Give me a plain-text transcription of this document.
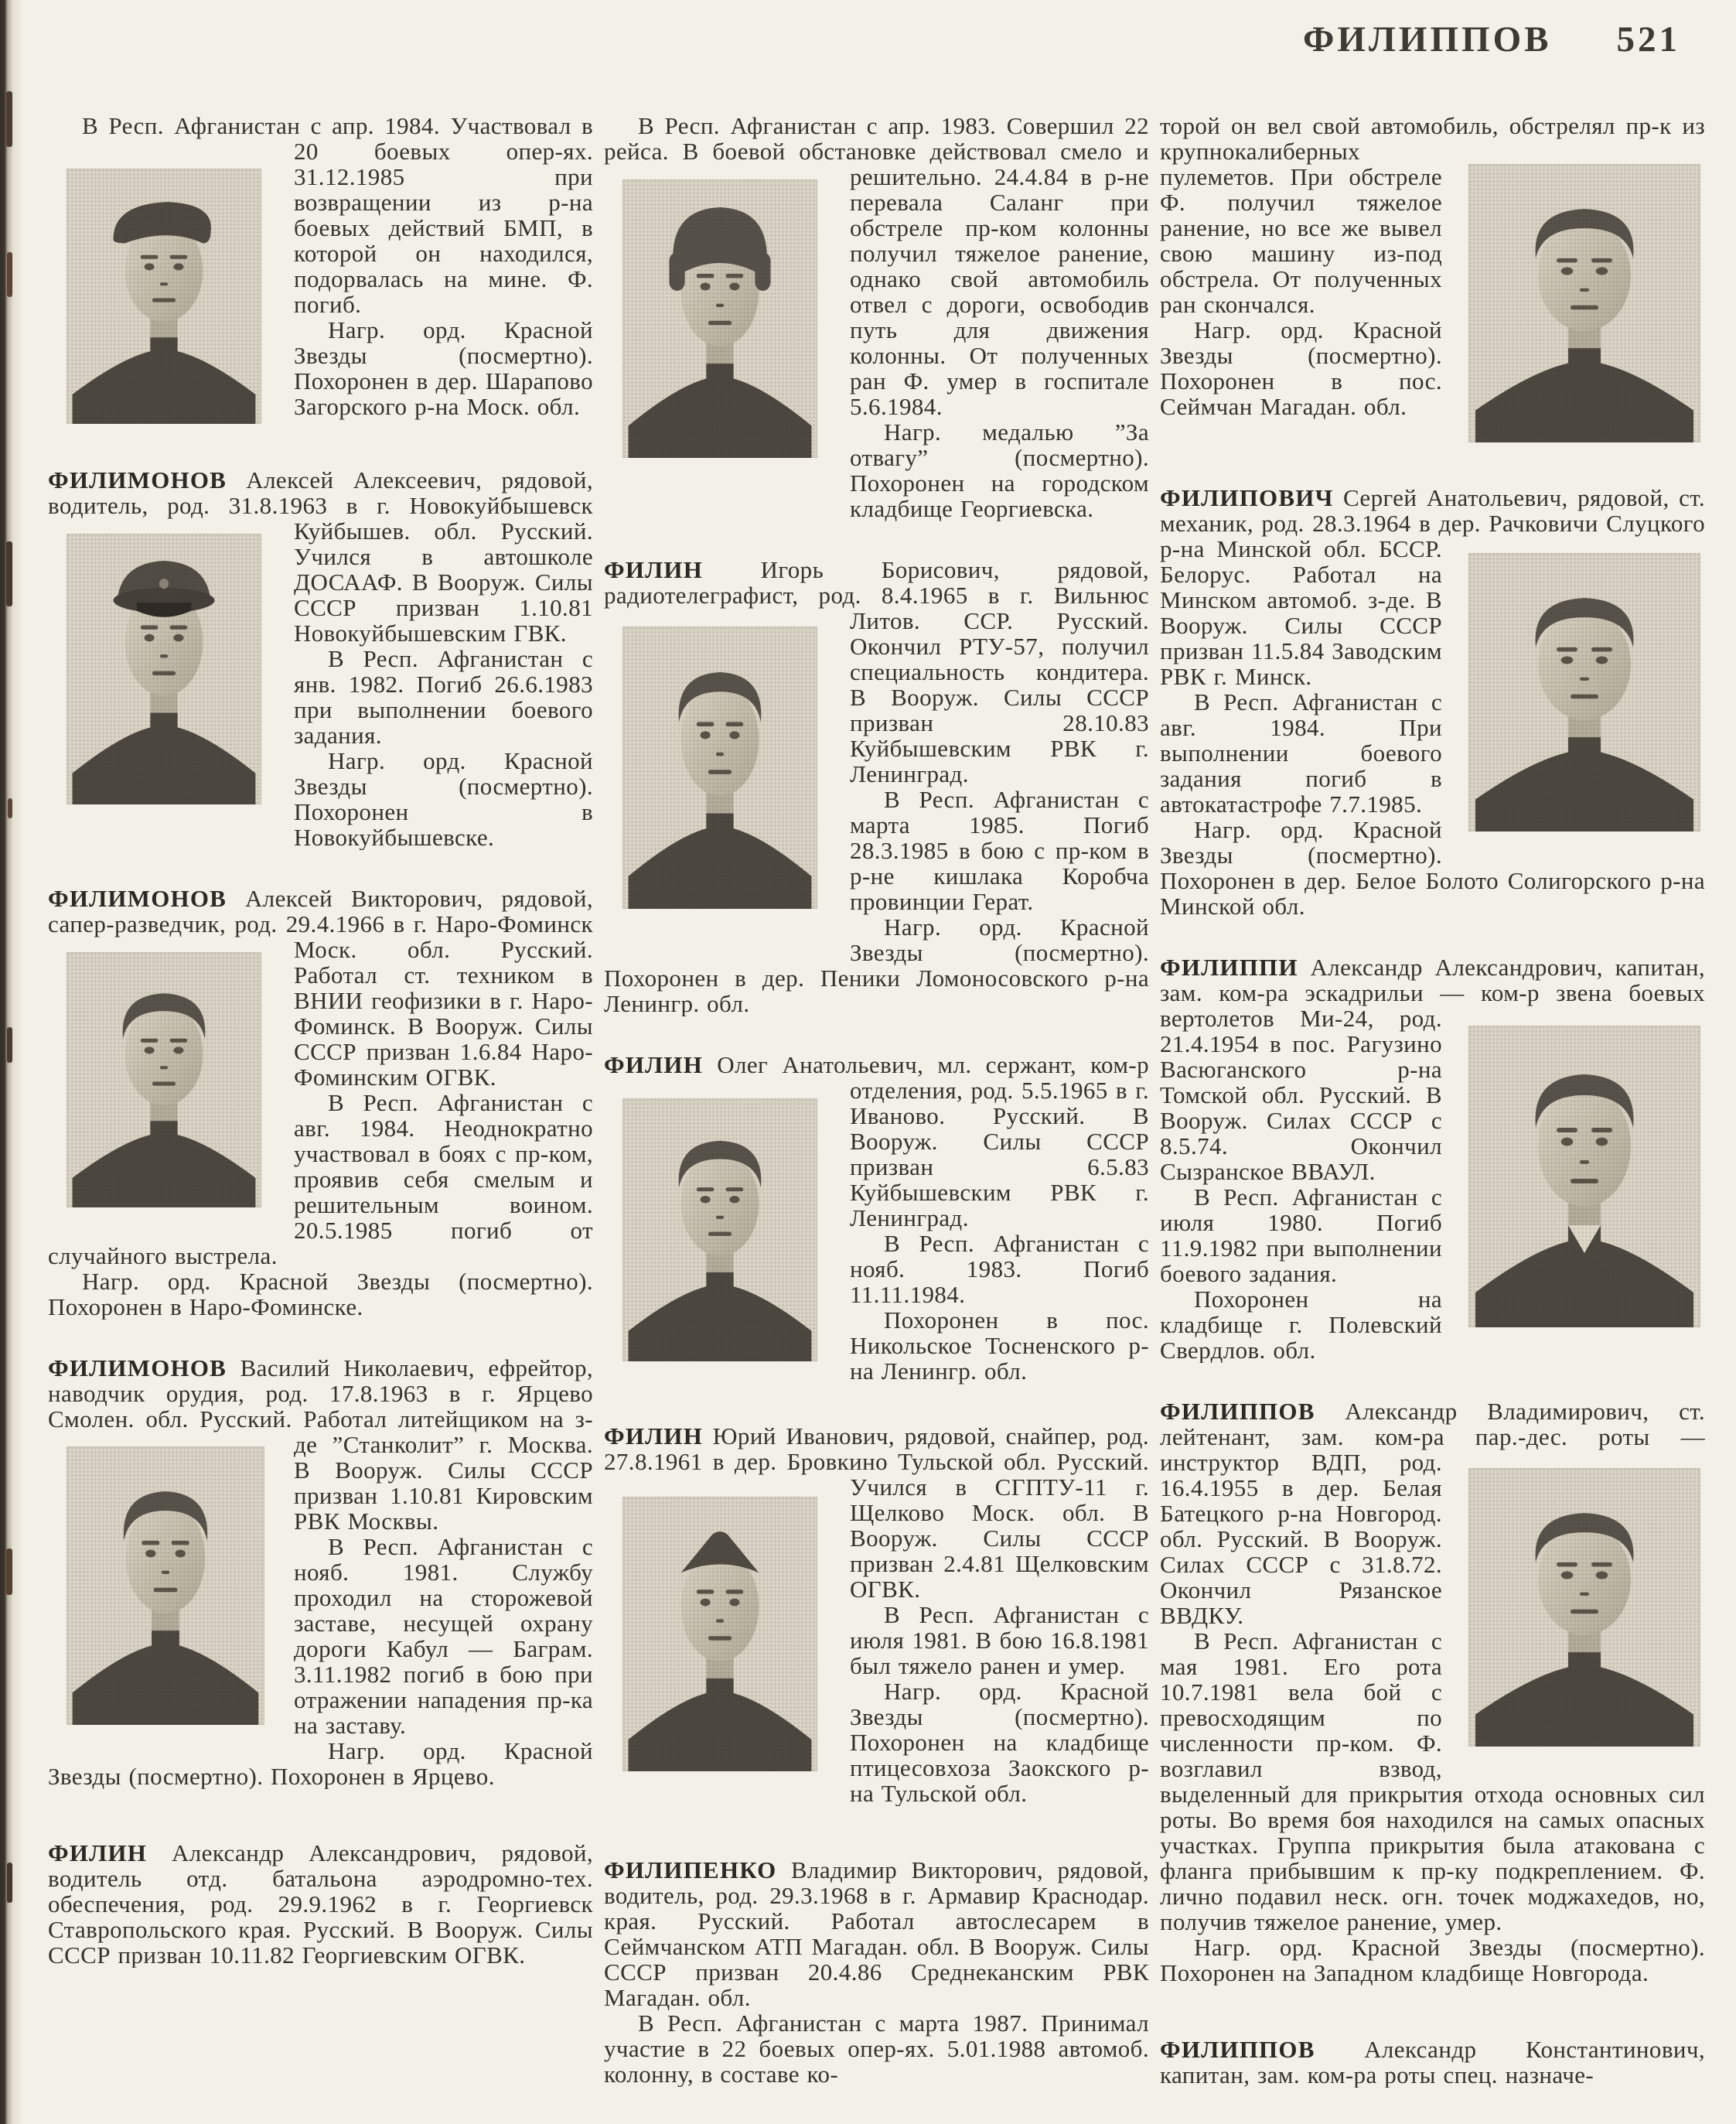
ФИЛИППОВ 521

В Респ. Афганистан с апр. 1984. Участвовал в 20 боевых опер-ях. 31.12.1985 при возвращении из р-на боевых действий БМП, в которой он находился, подорвалась на мине. Ф. погиб.

Нагр. орд. Красной Звезды (посмертно). Похоронен в дер. Шарапово Загорского р-на Моск. обл.

ФИЛИМОНОВ Алексей Алексеевич, рядовой, водитель, род. 31.8.1963 в г. Новокуйбышевск Куйбышев. обл. Русский. Учился в автошколе ДОСААФ. В Вооруж. Силы СССР призван 1.10.81 Новокуйбышевским ГВК.

В Респ. Афганистан с янв. 1982. Погиб 26.6.1983 при выполнении боевого задания.

Нагр. орд. Красной Звезды (посмертно). Похоронен в Новокуйбышевске.

ФИЛИМОНОВ Алексей Викторович, рядовой, сапер-разведчик, род. 29.4.1966 в г. Наро-Фоминск Моск. обл. Русский. Работал ст. техником в ВНИИ геофизики в г. Наро-Фоминск. В Вооруж. Силы СССР призван 1.6.84 Наро-Фоминским ОГВК.

В Респ. Афганистан с авг. 1984. Неоднократно участвовал в боях с пр-ком, проявив себя смелым и решительным воином. 20.5.1985 погиб от случайного выстрела.

Нагр. орд. Красной Звезды (посмертно). Похоронен в Наро-Фоминске.

ФИЛИМОНОВ Василий Николаевич, ефрейтор, наводчик орудия, род. 17.8.1963 в г. Ярцево Смолен. обл. Русский. Работал литейщиком на з-де ”Станколит” г. Москва. В Вооруж. Силы СССР призван 1.10.81 Кировским РВК Москвы.

В Респ. Афганистан с нояб. 1981. Службу проходил на сторожевой заставе, несущей охрану дороги Кабул — Баграм. 3.11.1982 погиб в бою при отражении нападения пр-ка на заставу.

Нагр. орд. Красной Звезды (посмертно). Похоронен в Ярцево.

ФИЛИН Александр Александрович, рядовой, водитель отд. батальона аэродромно-тех. обеспечения, род. 29.9.1962 в г. Георгиевск Ставропольского края. Русский. В Вооруж. Силы СССР призван 10.11.82 Георгиевским ОГВК.

В Респ. Афганистан с апр. 1983. Совершил 22 рейса. В боевой обстановке действовал смело и решительно. 24.4.84 в р-не перевала Саланг при обстреле пр-ком колонны получил тяжелое ранение, однако свой автомобиль отвел с дороги, освободив путь для движения колонны. От полученных ран Ф. умер в госпитале 5.6.1984.

Нагр. медалью ”За отвагу” (посмертно). Похоронен на городском кладбище Георгиевска.

ФИЛИН Игорь Борисович, рядовой, радиотелеграфист, род. 8.4.1965 в г. Вильнюс Литов. ССР. Русский. Окончил РТУ-57, получил специальность кондитера. В Вооруж. Силы СССР призван 28.10.83 Куйбышевским РВК г. Ленинград.

В Респ. Афганистан с марта 1985. Погиб 28.3.1985 в бою с пр-ком в р-не кишлака Коробча провинции Герат.

Нагр. орд. Красной Звезды (посмертно). Похоронен в дер. Пеники Ломоносовского р-на Ленингр. обл.

ФИЛИН Олег Анатольевич, мл. сержант, ком-р отделения, род. 5.5.1965 в г. Иваново. Русский. В Вооруж. Силы СССР призван 6.5.83 Куйбышевским РВК г. Ленинград.

В Респ. Афганистан с нояб. 1983. Погиб 11.11.1984.

Похоронен в пос. Никольское Тосненского р-на Ленингр. обл.

ФИЛИН Юрий Иванович, рядовой, снайпер, род. 27.8.1961 в дер. Бровкино Тульской обл. Русский. Учился в СГПТУ-11 г. Щелково Моск. обл. В Вооруж. Силы СССР призван 2.4.81 Щелковским ОГВК.

В Респ. Афганистан с июля 1981. В бою 16.8.1981 был тяжело ранен и умер.

Нагр. орд. Красной Звезды (посмертно). Похоронен на кладбище птицесовхоза Заокского р-на Тульской обл.

ФИЛИПЕНКО Владимир Викторович, рядовой, водитель, род. 29.3.1968 в г. Армавир Краснодар. края. Русский. Работал автослесарем в Сеймчанском АТП Магадан. обл. В Вооруж. Силы СССР призван 20.4.86 Среднеканским РВК Магадан. обл.

В Респ. Афганистан с марта 1987. Принимал участие в 22 боевых опер-ях. 5.01.1988 автомоб. колонну, в составе ко-

торой он вел свой автомобиль, обстрелял пр-к из крупнокалиберных пулеметов. При обстреле Ф. получил тяжелое ранение, но все же вывел свою машину из-под обстрела. От полученных ран скончался.

Нагр. орд. Красной Звезды (посмертно). Похоронен в пос. Сеймчан Магадан. обл.

ФИЛИПОВИЧ Сергей Анатольевич, рядовой, ст. механик, род. 28.3.1964 в дер. Рачковичи Слуцкого р-на Минской обл. БССР. Белорус. Работал на Минском автомоб. з-де. В Вооруж. Силы СССР призван 11.5.84 Заводским РВК г. Минск.

В Респ. Афганистан с авг. 1984. При выполнении боевого задания погиб в автокатастрофе 7.7.1985.

Нагр. орд. Красной Звезды (посмертно). Похоронен в дер. Белое Болото Солигорского р-на Минской обл.

ФИЛИППИ Александр Александрович, капитан, зам. ком-ра эскадрильи — ком-р звена боевых вертолетов Ми-24, род. 21.4.1954 в пос. Рагузино Васюганского р-на Томской обл. Русский. В Вооруж. Силах СССР с 8.5.74. Окончил Сызранское ВВАУЛ.

В Респ. Афганистан с июля 1980. Погиб 11.9.1982 при выполнении боевого задания.

Похоронен на кладбище г. Полевский Свердлов. обл.

ФИЛИППОВ Александр Владимирович, ст. лейтенант, зам. ком-ра пар.-дес. роты — инструктор ВДП, род. 16.4.1955 в дер. Белая Батецкого р-на Новгород. обл. Русский. В Вооруж. Силах СССР с 31.8.72. Окончил Рязанское ВВДКУ.

В Респ. Афганистан с мая 1981. Его рота 10.7.1981 вела бой с превосходящим по численности пр-ком. Ф. возглавил взвод, выделенный для прикрытия отхода основных сил роты. Во время боя находился на самых опасных участках. Группа прикрытия была атакована с фланга прибывшим к пр-ку подкреплением. Ф. лично подавил неск. огн. точек моджахедов, но, получив тяжелое ранение, умер.

Нагр. орд. Красной Звезды (посмертно). Похоронен на Западном кладбище Новгорода.

ФИЛИППОВ Александр Константинович, капитан, зам. ком-ра роты спец. назначе-
